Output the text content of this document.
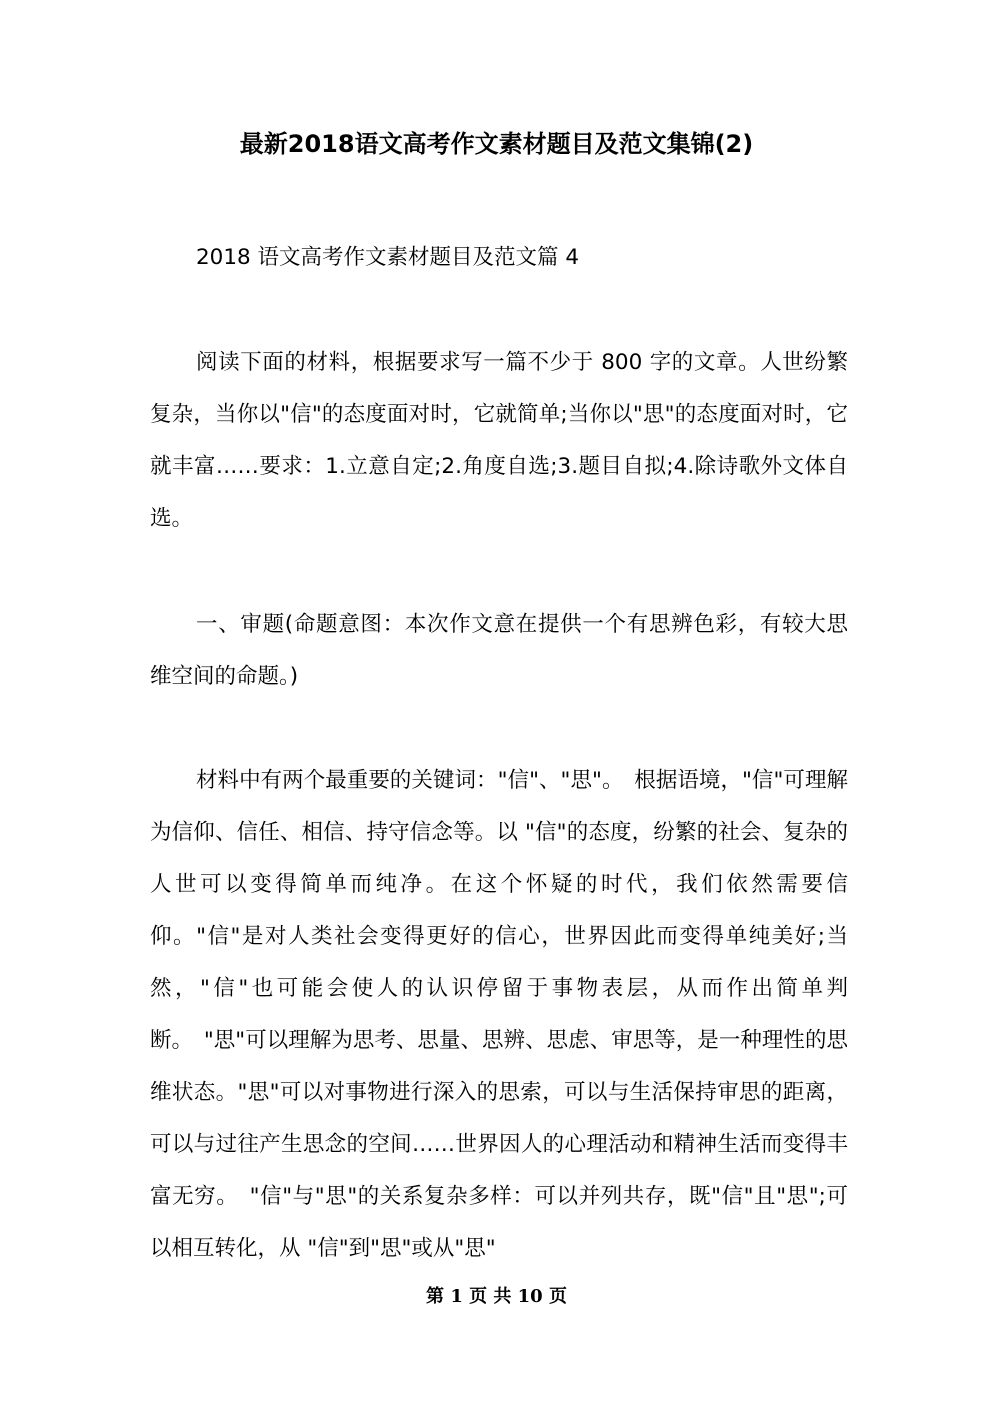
最新2018语文高考作文素材题目及范文集锦(2)

2018 语文高考作文素材题目及范文篇 4

阅读下面的材料，根据要求写一篇不少于 800 字的文章。人世纷繁复杂，当你以"信"的态度面对时，它就简单;当你以"思"的态度面对时，它就丰富……要求：1.立意自定;2.角度自选;3.题目自拟;4.除诗歌外文体自选。

一、审题(命题意图：本次作文意在提供一个有思辨色彩，有较大思维空间的命题。)

材料中有两个最重要的关键词："信"、"思"。　根据语境，"信"可理解为信仰、信任、相信、持守信念等。以 "信"的态度，纷繁的社会、复杂的人世可以变得简单而纯净。在这个怀疑的时代，我们依然需要信仰。"信"是对人类社会变得更好的信心，世界因此而变得单纯美好;当然，"信"也可能会使人的认识停留于事物表层，从而作出简单判断。　"思"可以理解为思考、思量、思辨、思虑、审思等，是一种理性的思维状态。"思"可以对事物进行深入的思索，可以与生活保持审思的距离，可以与过往产生思念的空间……世界因人的心理活动和精神生活而变得丰富无穷。　"信"与"思"的关系复杂多样：可以并列共存，既"信"且"思";可以相互转化，从 "信"到"思"或从"思"

第 1 页 共 10 页
